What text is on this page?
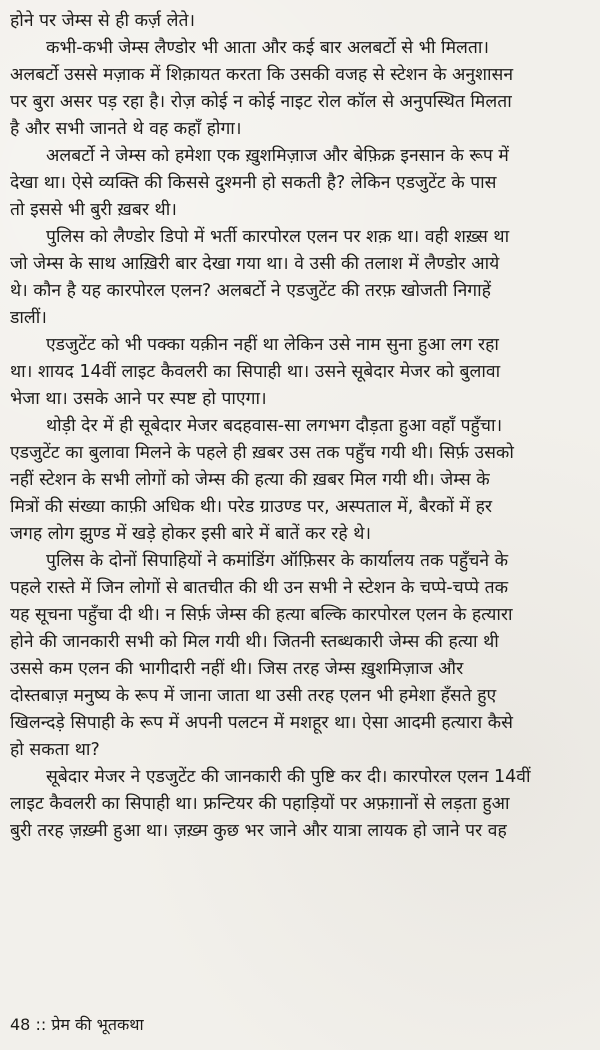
होने पर जेम्स से ही कर्ज़ लेते।
कभी-कभी जेम्स लैण्डोर भी आता और कई बार अलबर्टो से भी मिलता।
अलबर्टो उससे मज़ाक में शिक़ायत करता कि उसकी वजह से स्टेशन के अनुशासन
पर बुरा असर पड़ रहा है। रोज़ कोई न कोई नाइट रोल कॉल से अनुपस्थित मिलता
है और सभी जानते थे वह कहाँ होगा।
अलबर्टो ने जेम्स को हमेशा एक ख़ुशमिज़ाज और बेफ़िक्र इनसान के रूप में
देखा था। ऐसे व्यक्ति की किससे दुश्मनी हो सकती है? लेकिन एडजुटेंट के पास
तो इससे भी बुरी ख़बर थी।
पुलिस को लैण्डोर डिपो में भर्ती कारपोरल एलन पर शक़ था। वही शख़्स था
जो जेम्स के साथ आख़िरी बार देखा गया था। वे उसी की तलाश में लैण्डोर आये
थे। कौन है यह कारपोरल एलन? अलबर्टो ने एडजुटेंट की तरफ़ खोजती निगाहें
डालीं।
एडजुटेंट को भी पक्का यक़ीन नहीं था लेकिन उसे नाम सुना हुआ लग रहा
था। शायद 14वीं लाइट कैवलरी का सिपाही था। उसने सूबेदार मेजर को बुलावा
भेजा था। उसके आने पर स्पष्ट हो पाएगा।
थोड़ी देर में ही सूबेदार मेजर बदहवास-सा लगभग दौड़ता हुआ वहाँ पहुँचा।
एडजुटेंट का बुलावा मिलने के पहले ही ख़बर उस तक पहुँच गयी थी। सिर्फ़ उसको
नहीं स्टेशन के सभी लोगों को जेम्स की हत्या की ख़बर मिल गयी थी। जेम्स के
मित्रों की संख्या काफ़ी अधिक थी। परेड ग्राउण्ड पर, अस्पताल में, बैरकों में हर
जगह लोग झुण्ड में खड़े होकर इसी बारे में बातें कर रहे थे।
पुलिस के दोनों सिपाहियों ने कमांडिंग ऑफ़िसर के कार्यालय तक पहुँचने के
पहले रास्ते में जिन लोगों से बातचीत की थी उन सभी ने स्टेशन के चप्पे-चप्पे तक
यह सूचना पहुँचा दी थी। न सिर्फ़ जेम्स की हत्या बल्कि कारपोरल एलन के हत्यारा
होने की जानकारी सभी को मिल गयी थी। जितनी स्तब्धकारी जेम्स की हत्या थी
उससे कम एलन की भागीदारी नहीं थी। जिस तरह जेम्स ख़ुशमिज़ाज और
दोस्तबाज़ मनुष्य के रूप में जाना जाता था उसी तरह एलन भी हमेशा हँसते हुए
खिलन्दड़े सिपाही के रूप में अपनी पलटन में मशहूर था। ऐसा आदमी हत्यारा कैसे
हो सकता था?
सूबेदार मेजर ने एडजुटेंट की जानकारी की पुष्टि कर दी। कारपोरल एलन 14वीं
लाइट कैवलरी का सिपाही था। फ्रन्टियर की पहाड़ियों पर अफ़ग़ानों से लड़ता हुआ
बुरी तरह ज़ख़्मी हुआ था। ज़ख़्म कुछ भर जाने और यात्रा लायक हो जाने पर वह
48 :: प्रेम की भूतकथा
